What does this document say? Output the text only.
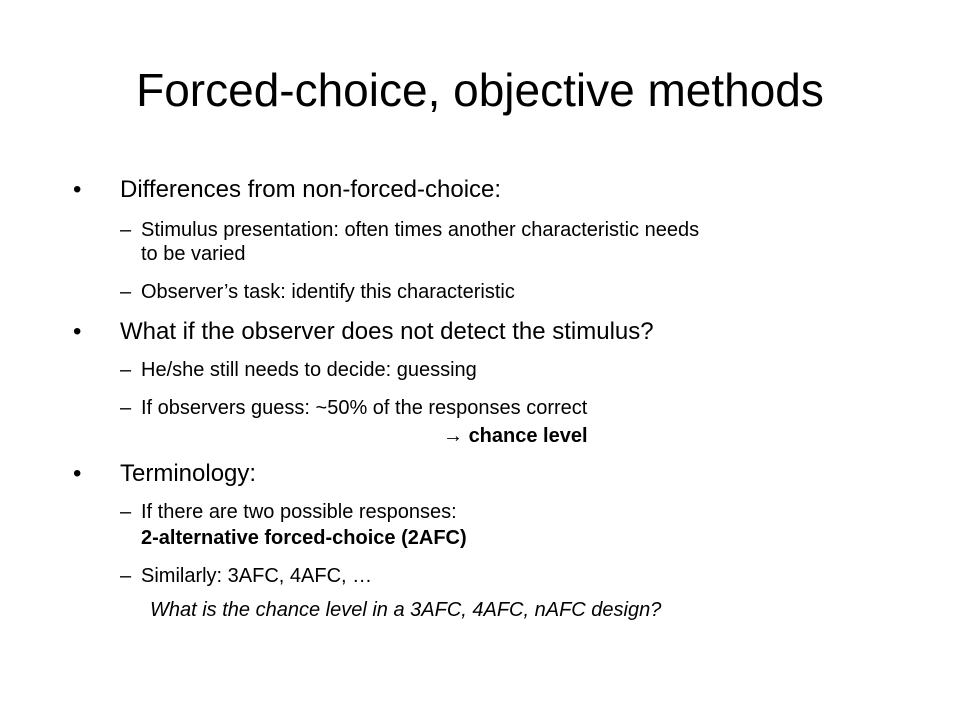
Forced-choice, objective methods
• Differences from non-forced-choice:
– Stimulus presentation: often times another characteristic needs
to be varied
– Observer’s task: identify this characteristic
• What if the observer does not detect the stimulus?
– He/she still needs to decide: guessing
– If observers guess: ~50% of the responses correct
→ chance level
• Terminology:
– If there are two possible responses:
2-alternative forced-choice (2AFC)
– Similarly: 3AFC, 4AFC, …
What is the chance level in a 3AFC, 4AFC, nAFC design?
